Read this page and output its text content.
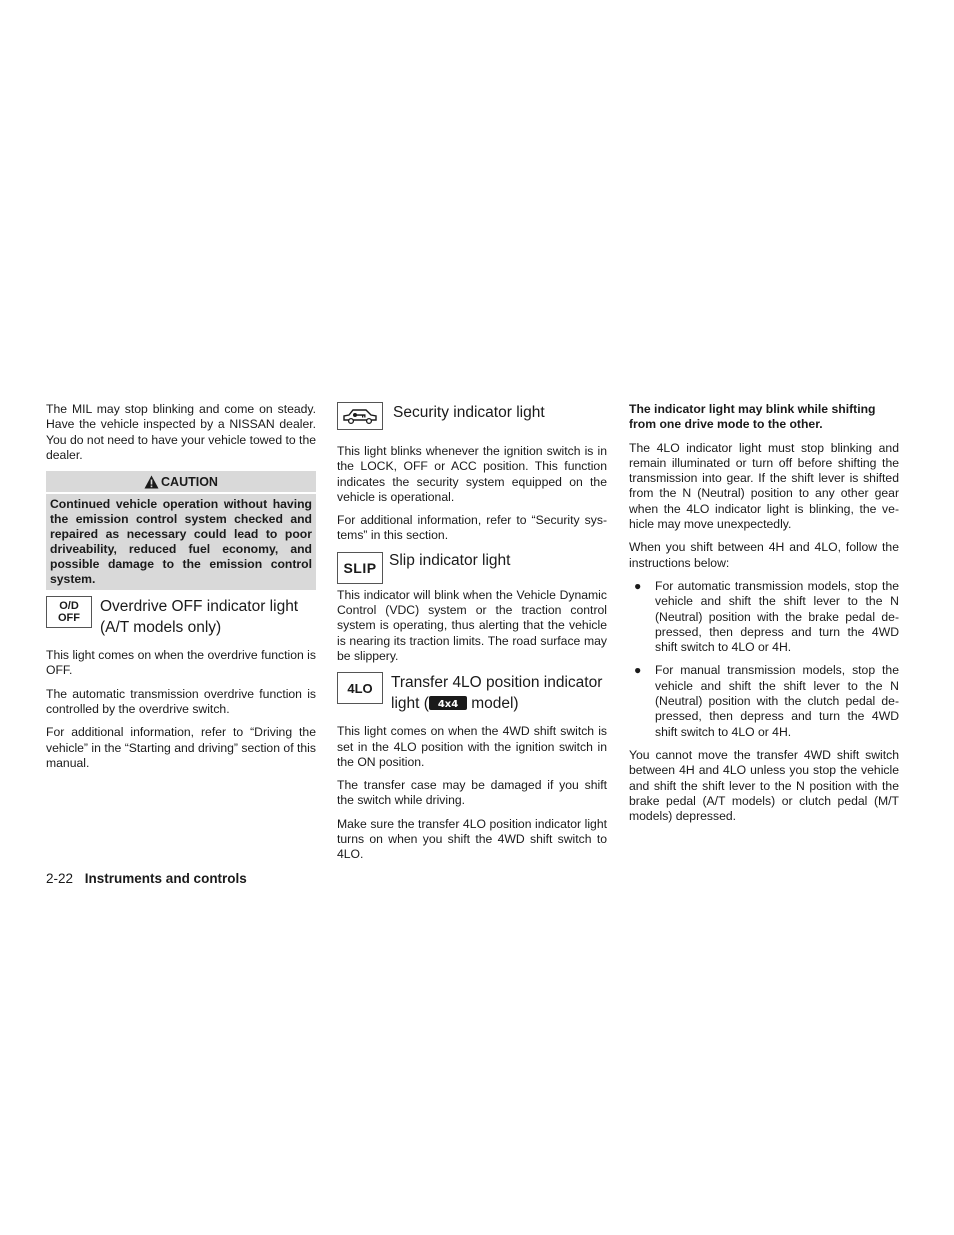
The MIL may stop blinking and come on steady. Have the vehicle inspected by a NISSAN dealer. You do not need to have your vehicle towed to the dealer.

CAUTION
Continued vehicle operation without having the emission control system checked and repaired as necessary could lead to poor driveability, reduced fuel economy, and possible damage to the emission control system.
O/D
OFF
Overdrive OFF indicator light
(A/T models only)

This light comes on when the overdrive function is OFF.

The automatic transmission overdrive function is controlled by the overdrive switch.

For additional information, refer to “Driving the vehicle” in the “Starting and driving” section of this manual.

Security indicator light

This light blinks whenever the ignition switch is in the LOCK, OFF or ACC position. This function indicates the security system equipped on the vehicle is operational.

For additional information, refer to “Security systems” in this section.

SLIP Slip indicator light

This indicator will blink when the Vehicle Dynamic Control (VDC) system or the traction control system is operating, thus alerting that the vehicle is nearing its traction limits. The road surface may be slippery.

4LO	Transfer 4LO position indicator
light ( 4x4 model)

This light comes on when the 4WD shift switch is set in the 4LO position with the ignition switch in the ON position.

The transfer case may be damaged if you shift the switch while driving.

Make sure the transfer 4LO position indicator light turns on when you shift the 4WD shift switch to 4LO.

The indicator light may blink while shifting from one drive mode to the other.

The 4LO indicator light must stop blinking and remain illuminated or turn off before shifting the transmission into gear. If the shift lever is shifted from the N (Neutral) position to any other gear when the 4LO indicator light is blinking, the vehicle may move unexpectedly.

When you shift between 4H and 4LO, follow the instructions below:

● For automatic transmission models, stop the vehicle and shift the shift lever to the N (Neutral) position with the brake pedal depressed, then depress and turn the 4WD shift switch to 4LO or 4H.
● For manual transmission models, stop the vehicle and shift the shift lever to the N (Neutral) position with the clutch pedal depressed, then depress and turn the 4WD shift switch to 4LO or 4H.

You cannot move the transfer 4WD shift switch between 4H and 4LO unless you stop the vehicle and shift the shift lever to the N position with the brake pedal (A/T models) or clutch pedal (M/T models) depressed.

2-22 Instruments and controls
